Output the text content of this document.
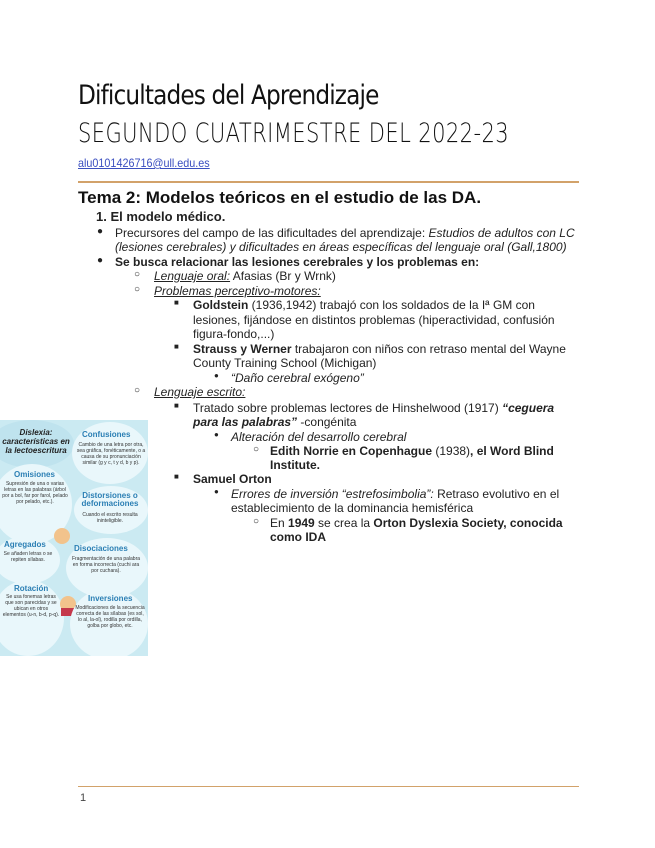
Dificultades del Aprendizaje
SEGUNDO CUATRIMESTRE DEL 2022-23
alu0101426716@ull.edu.es
Tema 2: Modelos teóricos en el estudio de las DA.
1. El modelo médico.
● Precursores del campo de las dificultades del aprendizaje: Estudios de adultos con LC
(lesiones cerebrales) y dificultades en áreas específicas del lenguaje oral (Gall,1800)
● Se busca relacionar las lesiones cerebrales y los problemas en:
○ Lenguaje oral: Afasias (Br y Wrnk)
○ Problemas perceptivo-motores:
■ Goldstein (1936,1942) trabajó con los soldados de la Iª GM con
lesiones, fijándose en distintos problemas (hiperactividad, confusión
figura-fondo,...)
■ Strauss y Werner trabajaron con niños con retraso mental del Wayne
County Training School (Michigan)
● “Daño cerebral exógeno”
○ Lenguaje escrito:
■ Tratado sobre problemas lectores de Hinshelwood (1917) “ceguera
para las palabras” -congénita
● Alteración del desarrollo cerebral
○ Edith Norrie en Copenhague (1938), el Word Blind
Institute.
■ Samuel Orton
● Errores de inversión “estrefosimbolia”: Retraso evolutivo en el
establecimiento de la dominancia hemisférica
○ En 1949 se crea la Orton Dyslexia Society, conocida
como IDA
Dislexia: características en la lectoescritura
Confusiones
Cambio de una letra por otra, sea gráfica, fonéticamente, o a causa de su pronunciación similar (g y c, t y d, b y p).
Omisiones
Supresión de una o varias letras en las palabras (árbol por a bol, far por farol, pelado por pelado, etc.).
Distorsiones o deformaciones
Cuando el escrito resulta ininteligible.
Agregados
Se añaden letras o se repiten sílabas.
Disociaciones
Fragmentación de una palabra en forma incorrecta (cuchi ara por cuchara).
Rotación
Se usa fonemas letras que son parecidas y se ubican en otros elementos (u-n, b-d, p-q).
Inversiones
Modificaciones de la secuencia correcta de las sílabas (es sol, lo al, la-ol), rodilla por ordilla, golba por globo, etc.
1
